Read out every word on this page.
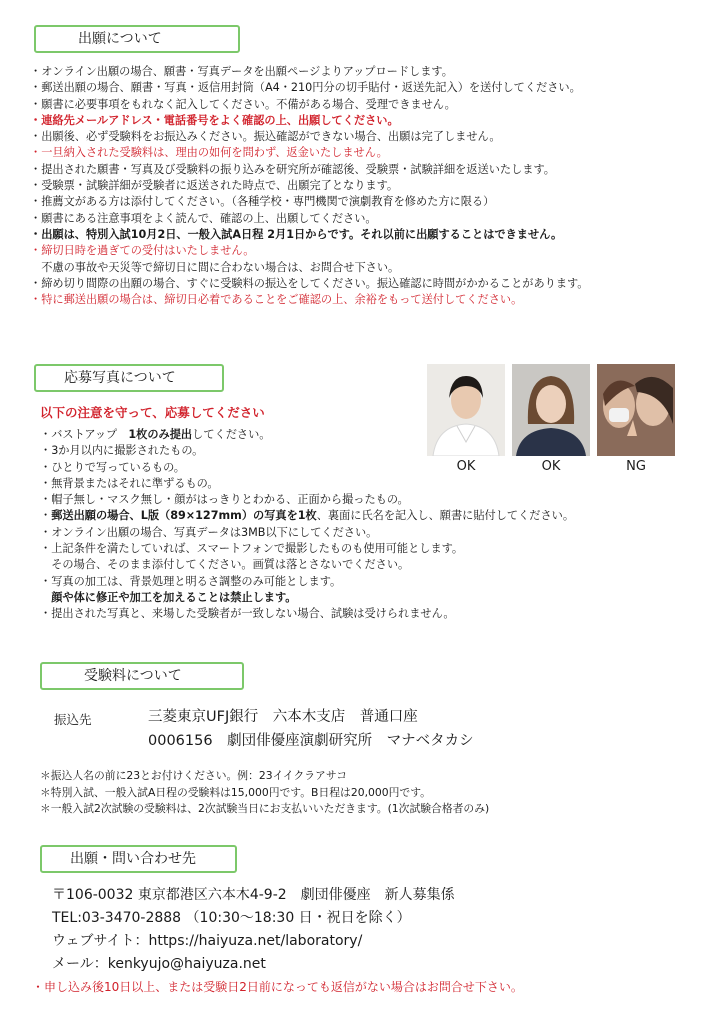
出願について
・オンライン出願の場合、願書・写真データを出願ページよりアップロードします。
・郵送出願の場合、願書・写真・返信用封筒（A4・210円分の切手貼付・返送先記入）を送付してください。
・願書に必要事項をもれなく記入してください。不備がある場合、受理できません。
・連絡先メールアドレス・電話番号をよく確認の上、出願してください。
・出願後、必ず受験料をお振込みください。振込確認ができない場合、出願は完了しません。
・一旦納入された受験料は、理由の如何を問わず、返金いたしません。
・提出された願書・写真及び受験料の振り込みを研究所が確認後、受験票・試験詳細を返送いたします。
・受験票・試験詳細が受験者に返送された時点で、出願完了となります。
・推薦文がある方は添付してください。（各種学校・専門機関で演劇教育を修めた方に限る）
・願書にある注意事項をよく読んで、確認の上、出願してください。
・出願は、特別入試10月2日、一般入試A日程 2月1日からです。それ以前に出願することはできません。
・締切日時を過ぎての受付はいたしません。
　不慮の事故や天災等で締切日に間に合わない場合は、お問合せ下さい。
・締め切り間際の出願の場合、すぐに受験料の振込をしてください。振込確認に時間がかかることがあります。
・特に郵送出願の場合は、締切日必着であることをご確認の上、余裕をもって送付してください。
応募写真について
以下の注意を守って、応募してください
OK	OK	NG
・バストアップ　1枚のみ提出してください。
・3か月以内に撮影されたもの。
・ひとりで写っているもの。
・無背景またはそれに準ずるもの。
・帽子無し・マスク無し・顔がはっきりとわかる、正面から撮ったもの。
・郵送出願の場合、L版（89×127mm）の写真を1枚、裏面に氏名を記入し、願書に貼付してください。
・オンライン出願の場合、写真データは3MB以下にしてください。
・上記条件を満たしていれば、スマートフォンで撮影したものも使用可能とします。
　その場合、そのまま添付してください。画質は落とさないでください。
・写真の加工は、背景処理と明るさ調整のみ可能とします。
　顔や体に修正や加工を加えることは禁止します。
・提出された写真と、来場した受験者が一致しない場合、試験は受けられません。
受験料について
振込先	三菱東京UFJ銀行　六本木支店　普通口座
0006156　劇団俳優座演劇研究所　マナベタカシ
＊振込人名の前に23とお付けください。例：23イイクラアサコ
＊特別入試、一般入試A日程の受験料は15,000円です。B日程は20,000円です。
＊一般入試2次試験の受験料は、2次試験当日にお支払いいただきます。(1次試験合格者のみ)
出願・問い合わせ先

〒106-0032 東京都港区六本木4-9-2　劇団俳優座　新人募集係

TEL:03-3470-2888 （10:30〜18:30 日・祝日を除く）

ウェブサイト：https://haiyuza.net/laboratory/

メール：kenkyujo@haiyuza.net

・申し込み後10日以上、または受験日2日前になっても返信がない場合はお問合せ下さい。
